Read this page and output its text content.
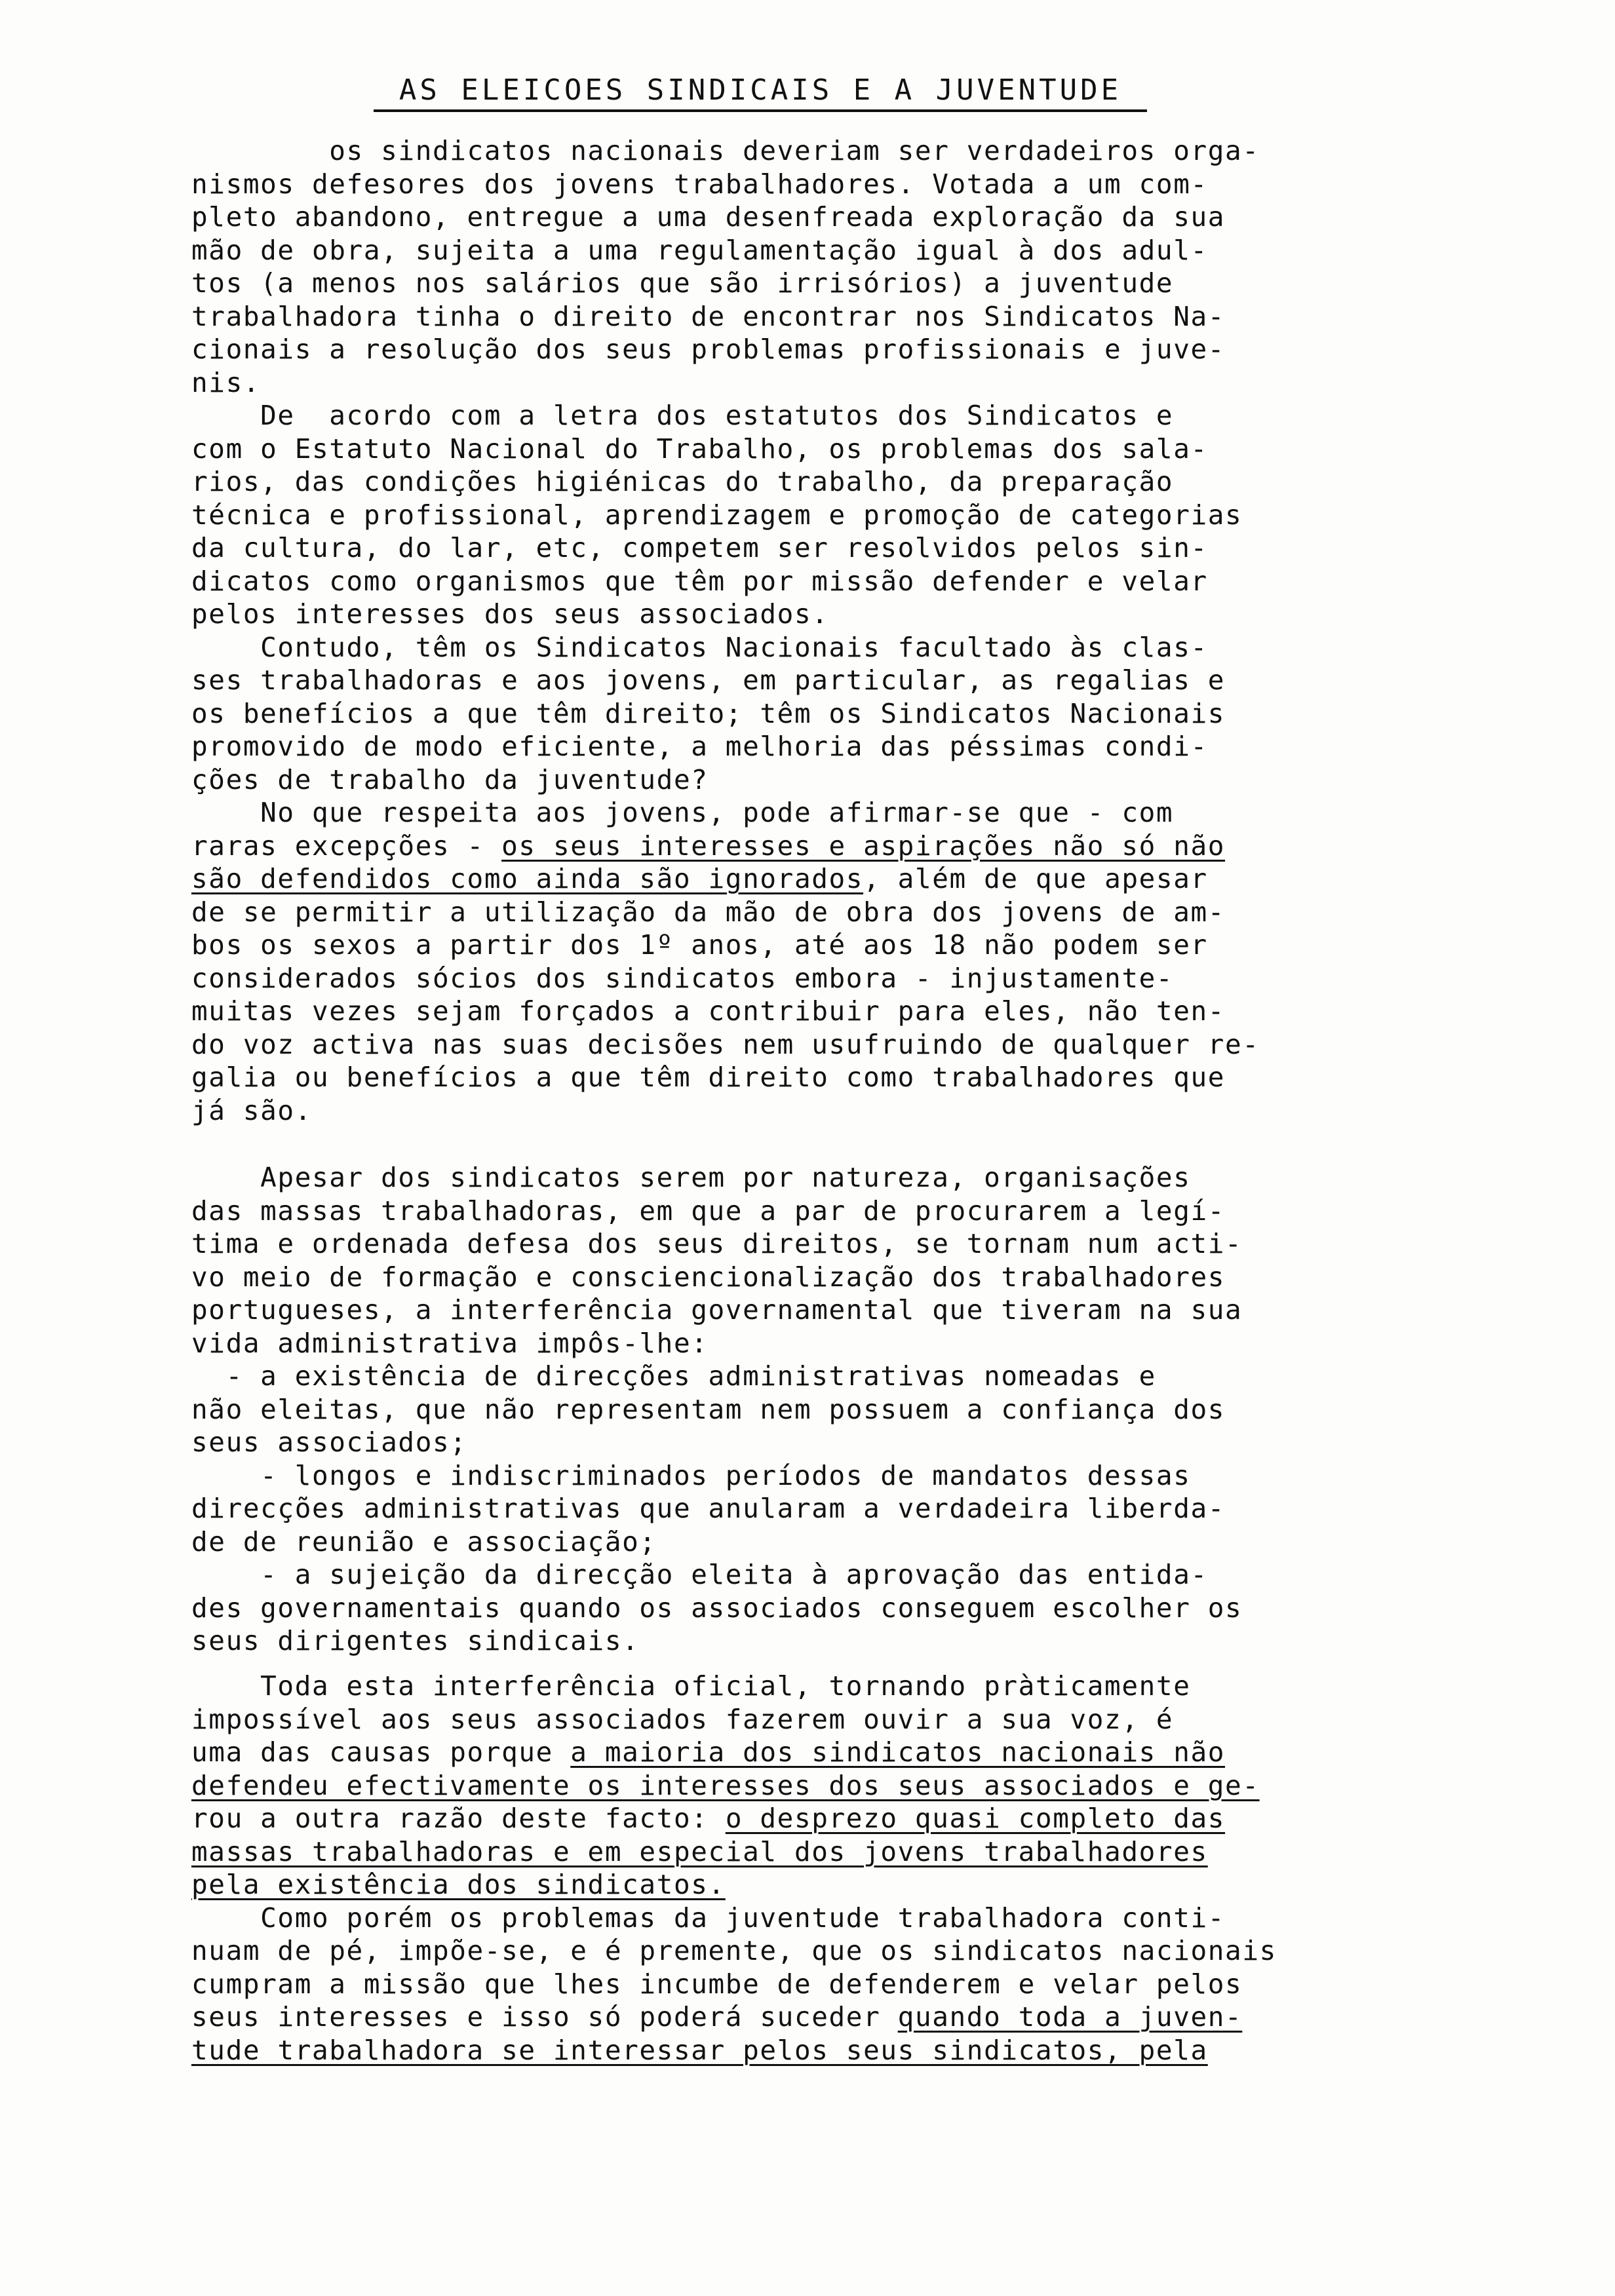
AS ELEICOES SINDICAIS E A JUVENTUDE
os sindicatos nacionais deveriam ser verdadeiros orga-
nismos defesores dos jovens trabalhadores. Votada a um com-
pleto abandono, entregue a uma desenfreada exploração da sua
mão de obra, sujeita a uma regulamentação igual à dos adul-
tos (a menos nos salários que são irrisórios) a juventude
trabalhadora tinha o direito de encontrar nos Sindicatos Na-
cionais a resolução dos seus problemas profissionais e juve-
nis.
De  acordo com a letra dos estatutos dos Sindicatos e
com o Estatuto Nacional do Trabalho, os problemas dos sala-
rios, das condições higiénicas do trabalho, da preparação
técnica e profissional, aprendizagem e promoção de categorias
da cultura, do lar, etc, competem ser resolvidos pelos sin-
dicatos como organismos que têm por missão defender e velar
pelos interesses dos seus associados.
Contudo, têm os Sindicatos Nacionais facultado às clas-
ses trabalhadoras e aos jovens, em particular, as regalias e
os benefícios a que têm direito; têm os Sindicatos Nacionais
promovido de modo eficiente, a melhoria das péssimas condi-
ções de trabalho da juventude?
No que respeita aos jovens, pode afirmar-se que - com
raras excepções - os seus interesses e aspirações não só não
são defendidos como ainda são ignorados, além de que apesar
de se permitir a utilização da mão de obra dos jovens de am-
bos os sexos a partir dos 1º anos, até aos 18 não podem ser
considerados sócios dos sindicatos embora - injustamente-
muitas vezes sejam forçados a contribuir para eles, não ten-
do voz activa nas suas decisões nem usufruindo de qualquer re-
galia ou benefícios a que têm direito como trabalhadores que
já são.
Apesar dos sindicatos serem por natureza, organisações
das massas trabalhadoras, em que a par de procurarem a legí-
tima e ordenada defesa dos seus direitos, se tornam num acti-
vo meio de formação e consciencionalização dos trabalhadores
portugueses, a interferência governamental que tiveram na sua
vida administrativa impôs-lhe:
- a existência de direcções administrativas nomeadas e
não eleitas, que não representam nem possuem a confiança dos
seus associados;
- longos e indiscriminados períodos de mandatos dessas
direcções administrativas que anularam a verdadeira liberda-
de de reunião e associação;
- a sujeição da direcção eleita à aprovação das entida-
des governamentais quando os associados conseguem escolher os
seus dirigentes sindicais.
Toda esta interferência oficial, tornando pràticamente
impossível aos seus associados fazerem ouvir a sua voz, é
uma das causas porque a maioria dos sindicatos nacionais não
defendeu efectivamente os interesses dos seus associados e ge-
rou a outra razão deste facto: o desprezo quasi completo das
massas trabalhadoras e em especial dos jovens trabalhadores
pela existência dos sindicatos.
Como porém os problemas da juventude trabalhadora conti-
nuam de pé, impõe-se, e é premente, que os sindicatos nacionais
cumpram a missão que lhes incumbe de defenderem e velar pelos
seus interesses e isso só poderá suceder quando toda a juven-
tude trabalhadora se interessar pelos seus sindicatos, pela
